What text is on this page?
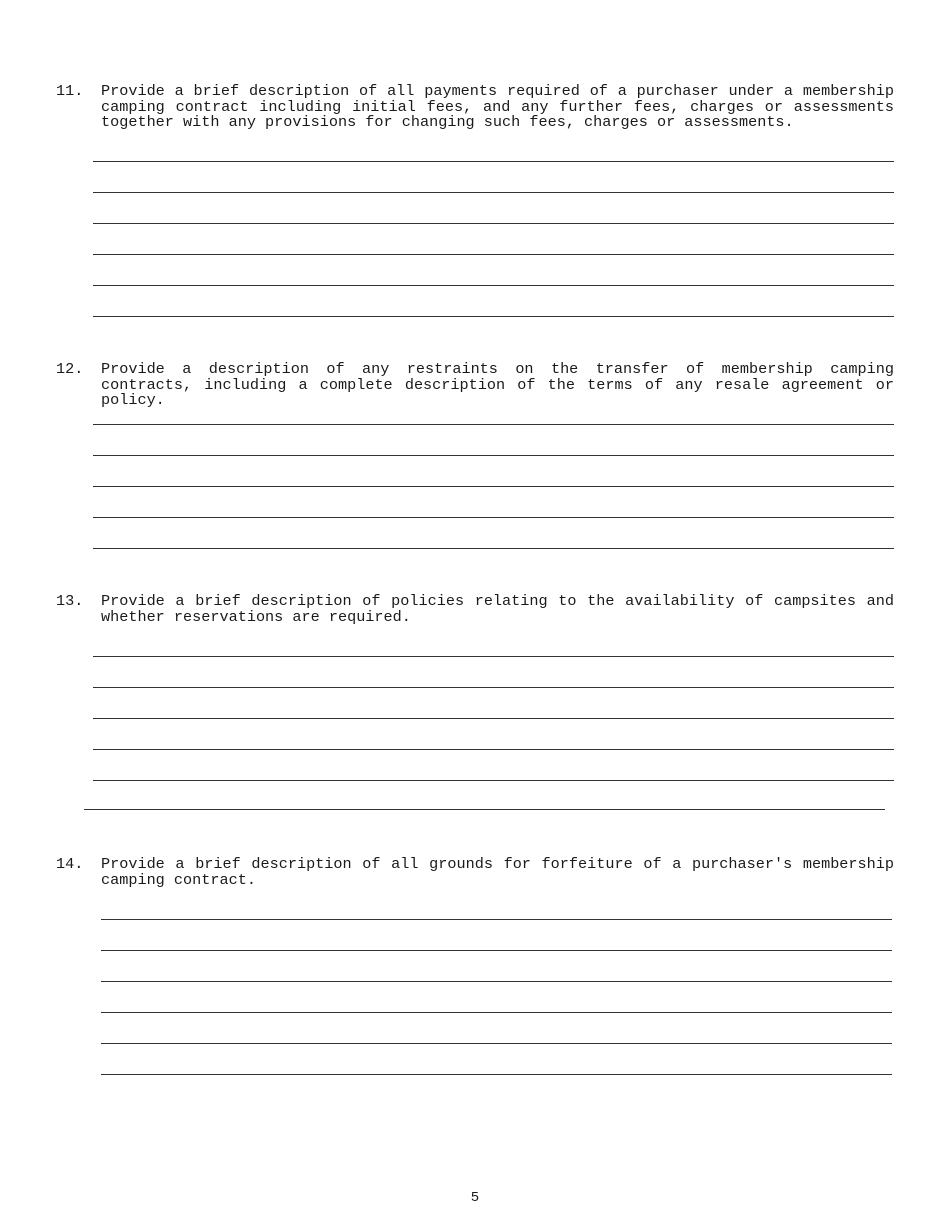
11. Provide a brief description of all payments required of a purchaser under a membership camping contract including initial fees, and any further fees, charges or assessments together with any provisions for changing such fees, charges or assessments.
12. Provide a description of any restraints on the transfer of membership camping contracts, including a complete description of the terms of any resale agreement or policy.
13. Provide a brief description of policies relating to the availability of campsites and whether reservations are required.
14. Provide a brief description of all grounds for forfeiture of a purchaser's membership camping contract.
5
